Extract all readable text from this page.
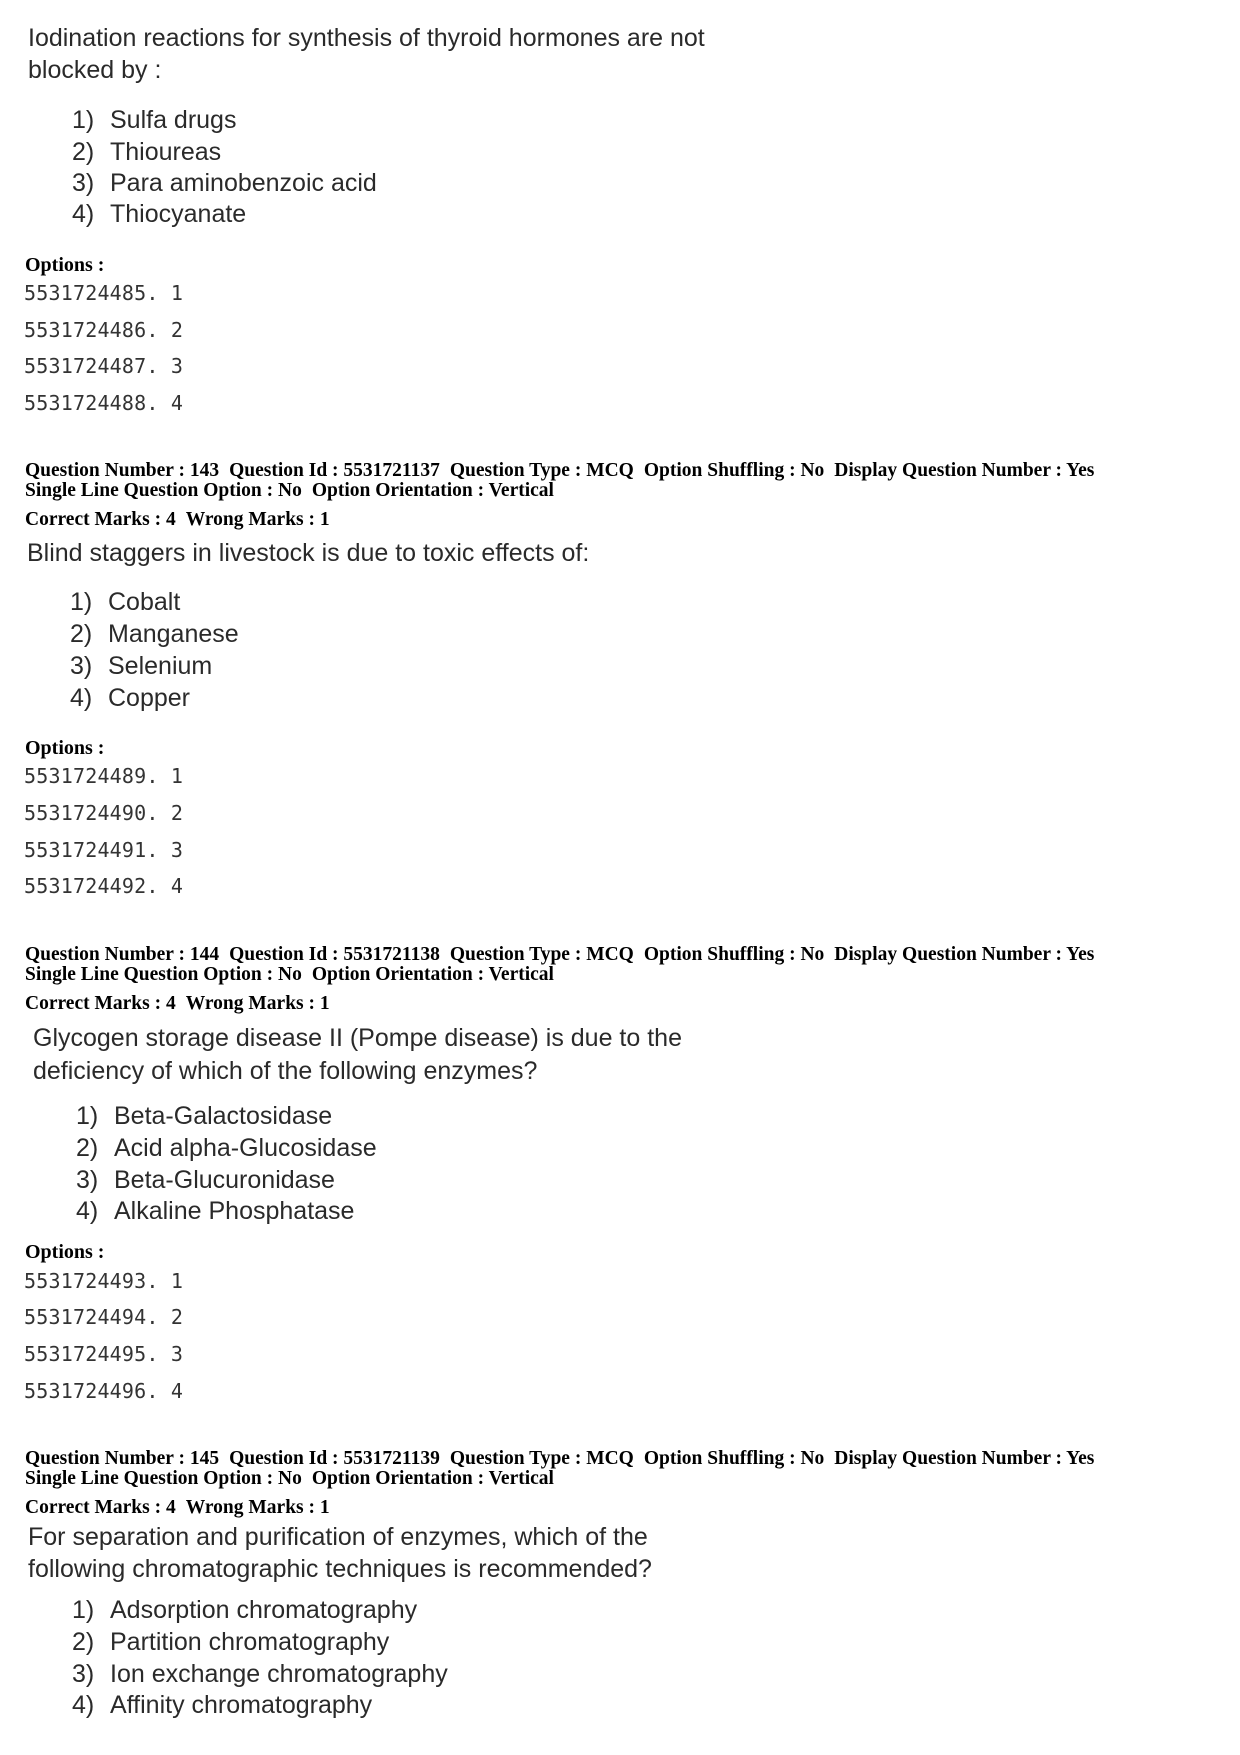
Iodination reactions for synthesis of thyroid hormones are not
blocked by :
1) Sulfa drugs
2) Thioureas
3) Para aminobenzoic acid
4) Thiocyanate
Options :
5531724485. 1
5531724486. 2
5531724487. 3
5531724488. 4
Question Number : 143 Question Id : 5531721137 Question Type : MCQ Option Shuffling : No Display Question Number : Yes
Single Line Question Option : No Option Orientation : Vertical
Correct Marks : 4 Wrong Marks : 1
Blind staggers in livestock is due to toxic effects of:
1) Cobalt
2) Manganese
3) Selenium
4) Copper
Options :
5531724489. 1
5531724490. 2
5531724491. 3
5531724492. 4
Question Number : 144 Question Id : 5531721138 Question Type : MCQ Option Shuffling : No Display Question Number : Yes
Single Line Question Option : No Option Orientation : Vertical
Correct Marks : 4 Wrong Marks : 1
Glycogen storage disease II (Pompe disease) is due to the
deficiency of which of the following enzymes?
1) Beta-Galactosidase
2) Acid alpha-Glucosidase
3) Beta-Glucuronidase
4) Alkaline Phosphatase
Options :
5531724493. 1
5531724494. 2
5531724495. 3
5531724496. 4
Question Number : 145 Question Id : 5531721139 Question Type : MCQ Option Shuffling : No Display Question Number : Yes
Single Line Question Option : No Option Orientation : Vertical
Correct Marks : 4 Wrong Marks : 1
For separation and purification of enzymes, which of the
following chromatographic techniques is recommended?
1) Adsorption chromatography
2) Partition chromatography
3) Ion exchange chromatography
4) Affinity chromatography
